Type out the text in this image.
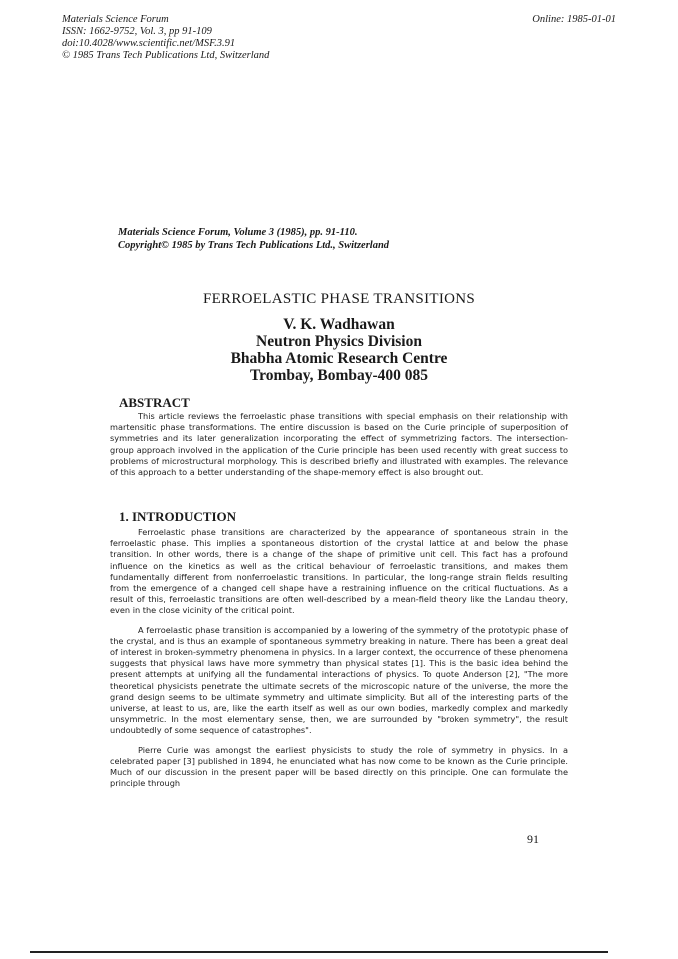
Materials Science Forum
ISSN: 1662-9752, Vol. 3, pp 91-109
doi:10.4028/www.scientific.net/MSF.3.91
© 1985 Trans Tech Publications Ltd, Switzerland
Online: 1985-01-01
Materials Science Forum, Volume 3 (1985), pp. 91-110.
Copyright© 1985 by Trans Tech Publications Ltd., Switzerland
FERROELASTIC PHASE TRANSITIONS
V. K. Wadhawan
Neutron Physics Division
Bhabha Atomic Research Centre
Trombay, Bombay-400 085
ABSTRACT

This article reviews the ferroelastic phase transitions with special emphasis on their relationship with martensitic phase transformations. The entire discussion is based on the Curie principle of superposition of symmetries and its later generalization incorporating the effect of symmetrizing factors. The intersection-group approach involved in the application of the Curie principle has been used recently with great success to problems of microstructural morphology. This is described briefly and illustrated with examples. The relevance of this approach to a better understanding of the shape-memory effect is also brought out.

1. INTRODUCTION

Ferroelastic phase transitions are characterized by the appearance of spontaneous strain in the ferroelastic phase. This implies a spontaneous distortion of the crystal lattice at and below the phase transition. In other words, there is a change of the shape of primitive unit cell. This fact has a profound influence on the kinetics as well as the critical behaviour of ferroelastic transitions, and makes them fundamentally different from nonferroelastic transitions. In particular, the long-range strain fields resulting from the emergence of a changed cell shape have a restraining influence on the critical fluctuations. As a result of this, ferroelastic transitions are often well-described by a mean-field theory like the Landau theory, even in the close vicinity of the critical point.

A ferroelastic phase transition is accompanied by a lowering of the symmetry of the prototypic phase of the crystal, and is thus an example of spontaneous symmetry breaking in nature. There has been a great deal of interest in broken-symmetry phenomena in physics. In a larger context, the occurrence of these phenomena suggests that physical laws have more symmetry than physical states [1]. This is the basic idea behind the present attempts at unifying all the fundamental interactions of physics. To quote Anderson [2], "The more theoretical physicists penetrate the ultimate secrets of the microscopic nature of the universe, the more the grand design seems to be ultimate symmetry and ultimate simplicity. But all of the interesting parts of the universe, at least to us, are, like the earth itself as well as our own bodies, markedly complex and markedly unsymmetric. In the most elementary sense, then, we are surrounded by "broken symmetry", the result undoubtedly of some sequence of catastrophes".

Pierre Curie was amongst the earliest physicists to study the role of symmetry in physics. In a celebrated paper [3] published in 1894, he enunciated what has now come to be known as the Curie principle. Much of our discussion in the present paper will be based directly on this principle. One can formulate the principle through

91
